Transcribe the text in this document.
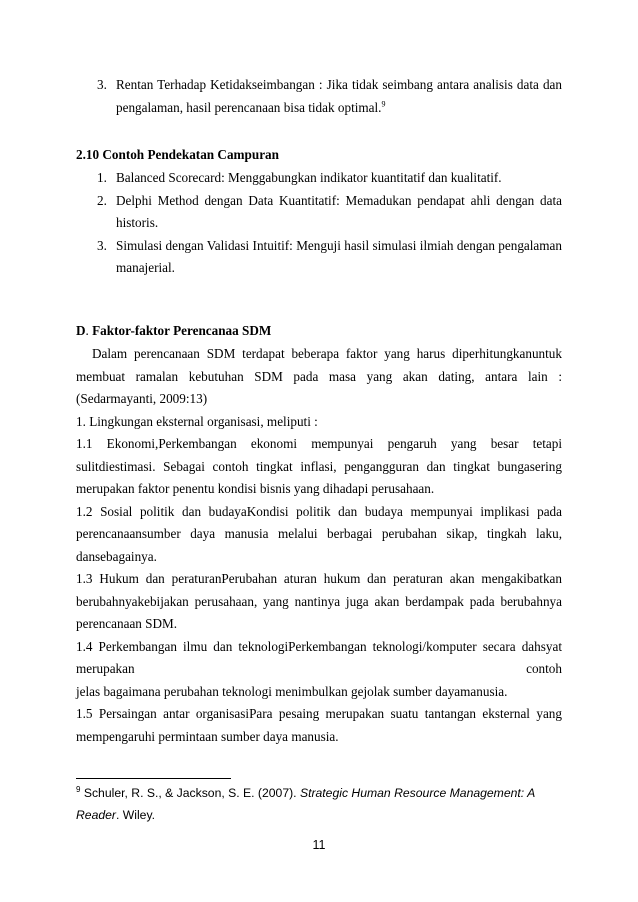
3. Rentan Terhadap Ketidakseimbangan : Jika tidak seimbang antara analisis data dan pengalaman, hasil perencanaan bisa tidak optimal.$^9$
2.10 Contoh Pendekatan Campuran
1. Balanced Scorecard: Menggabungkan indikator kuantitatif dan kualitatif.
2. Delphi Method dengan Data Kuantitatif: Memadukan pendapat ahli dengan data historis.
3. Simulasi dengan Validasi Intuitif: Menguji hasil simulasi ilmiah dengan pengalaman manajerial.
D. Faktor-faktor Perencanaa SDM

Dalam perencanaan SDM terdapat beberapa faktor yang harus diperhitungkanuntuk membuat ramalan kebutuhan SDM pada masa yang akan dating, antara lain : (Sedarmayanti, 2009:13)

1. Lingkungan eksternal organisasi, meliputi :

1.1 Ekonomi,Perkembangan ekonomi mempunyai pengaruh yang besar tetapi sulitdiestimasi. Sebagai contoh tingkat inflasi, pengangguran dan tingkat bungasering merupakan faktor penentu kondisi bisnis yang dihadapi perusahaan.

1.2 Sosial politik dan budayaKondisi politik dan budaya mempunyai implikasi pada perencanaansumber daya manusia melalui berbagai perubahan sikap, tingkah laku, dansebagainya.

1.3 Hukum dan peraturanPerubahan aturan hukum dan peraturan akan mengakibatkan berubahnyakebijakan perusahaan, yang nantinya juga akan berdampak pada berubahnya perencanaan SDM.

1.4 Perkembangan ilmu dan teknologiPerkembangan teknologi/komputer secara dahsyat

merupakan contoh

jelas bagaimana perubahan teknologi menimbulkan gejolak sumber dayamanusia.

1.5 Persaingan antar organisasiPara pesaing merupakan suatu tantangan eksternal yang mempengaruhi permintaan sumber daya manusia.

$^9$ Schuler, R. S., & Jackson, S. E. (2007). Strategic Human Resource Management: A Reader. Wiley.
11
